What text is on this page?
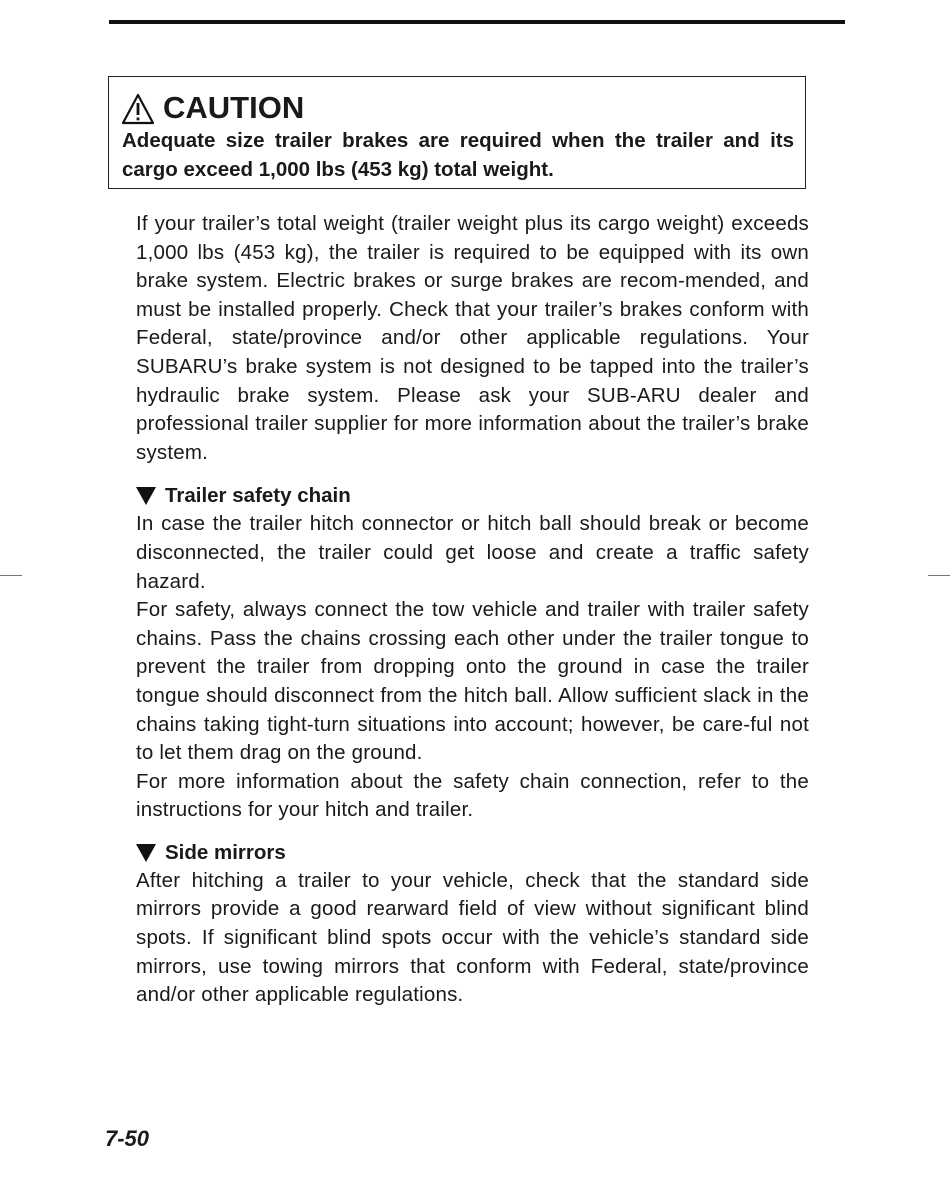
CAUTION

Adequate size trailer brakes are required when the trailer and its cargo exceed 1,000 lbs (453 kg) total weight.

If your trailer’s total weight (trailer weight plus its cargo weight) exceeds 1,000 lbs (453 kg), the trailer is required to be equipped with its own brake system. Electric brakes or surge brakes are recom-mended, and must be installed properly. Check that your trailer’s brakes conform with Federal, state/province and/or other applicable regulations. Your SUBARU’s brake system is not designed to be tapped into the trailer’s hydraulic brake system. Please ask your SUB-ARU dealer and professional trailer supplier for more information about the trailer’s brake system.

Trailer safety chain

In case the trailer hitch connector or hitch ball should break or become disconnected, the trailer could get loose and create a traffic safety hazard.

For safety, always connect the tow vehicle and trailer with trailer safety chains. Pass the chains crossing each other under the trailer tongue to prevent the trailer from dropping onto the ground in case the trailer tongue should disconnect from the hitch ball. Allow sufficient slack in the chains taking tight-turn situations into account; however, be care-ful not to let them drag on the ground.

For more information about the safety chain connection, refer to the instructions for your hitch and trailer.

Side mirrors

After hitching a trailer to your vehicle, check that the standard side mirrors provide a good rearward field of view without significant blind spots. If significant blind spots occur with the vehicle’s standard side mirrors, use towing mirrors that conform with Federal, state/province and/or other applicable regulations.

7-50
